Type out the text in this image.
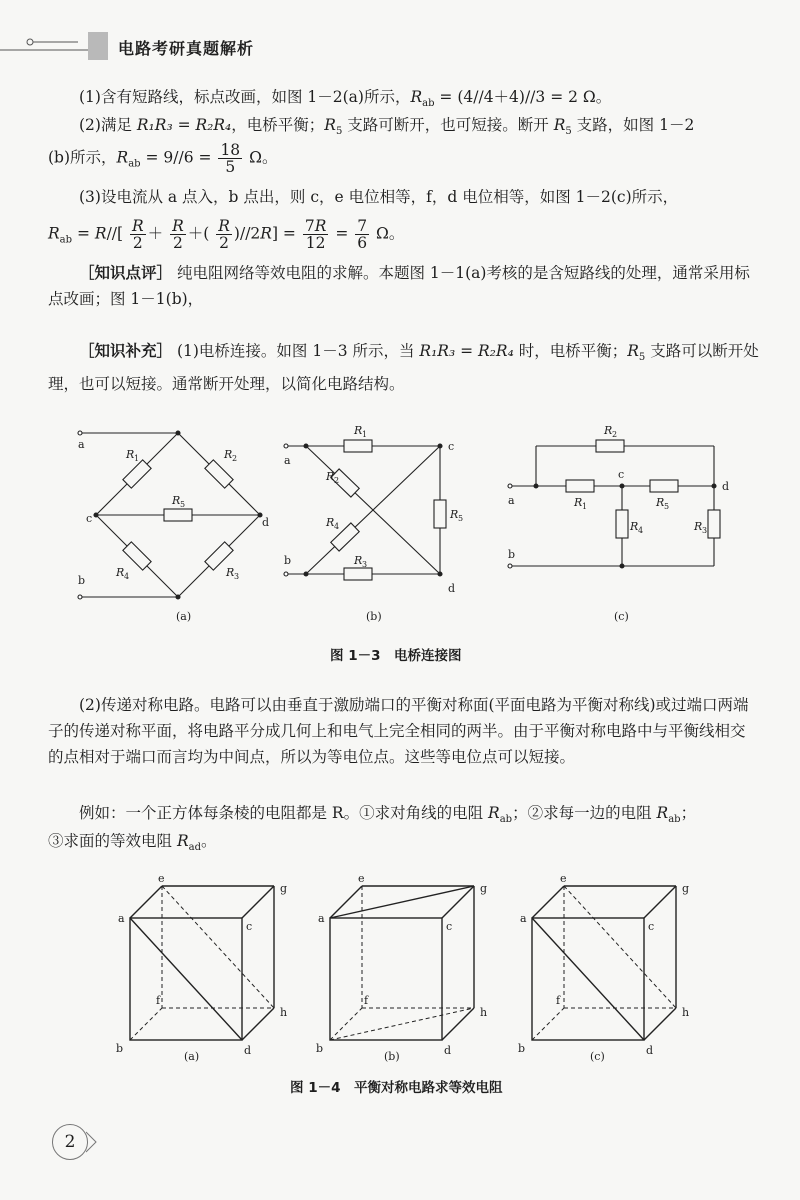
电路考研真题解析
(1)含有短路线，标点改画，如图 1－2(a)所示，$R_{ab} = (4//4+4)//3 = 2$ Ω。
(2)满足 R₁R₃ = R₂R₄，电桥平衡；$R_5$ 支路可断开，也可短接。断开 $R_5$ 支路，如图 1－2
(b)所示，$R_{ab} = 9//6 = \frac{18}{5}$ Ω。
(3)设电流从 a 点入，b 点出，则 c，e 电位相等，f，d 电位相等，如图 1－2(c)所示，
$R_{ab} = R//[ \frac{R}{2} + \frac{R}{2}$ ＋( $\frac{R}{2} )//2R] = \frac{7R}{12} = \frac{7}{6}$ Ω。
［知识点评］ 纯电阻网络等效电阻的求解。本题图 1－1(a)考核的是含短路线的处理，通常采用标点改画；图 1－1(b)，
［知识补充］ (1)电桥连接。如图 1－3 所示，当 R₁R₃ = R₂R₄ 时，电桥平衡；$R_5$ 支路可以断开处理，也可以短接。通常断开处理，以简化电路结构。
a
b
c	d
R 1	R 2
R 5
R 4	R 3
(a)
a
b
c
d
R 1
R 3
R 5
R 2
R 4
(b)
a
b
c
d
R 2
R 1	R 5
R 4	R 3
(c)
图 1－3　电桥连接图
(2)传递对称电路。电路可以由垂直于激励端口的平衡对称面(平面电路为平衡对称线)或过端口两端子的传递对称平面，将电路平分成几何上和电气上完全相同的两半。由于平衡对称电路中与平衡线相交的点相对于端口而言均为中间点，所以为等电位点。这些等电位点可以短接。
例如：一个正方体每条棱的电阻都是 R。①求对角线的电阻 $R_{ab}$；②求每一边的电阻 $R_{ab}$；
③求面的等效电阻 $R_{ad}$。
e
g
a
c
f
h
b	d
(a)
e
g
a
c
f
h
b	d
(b)
e
g
a
c
f
h
b	d
(c)
图 1－4　平衡对称电路求等效电阻
2
